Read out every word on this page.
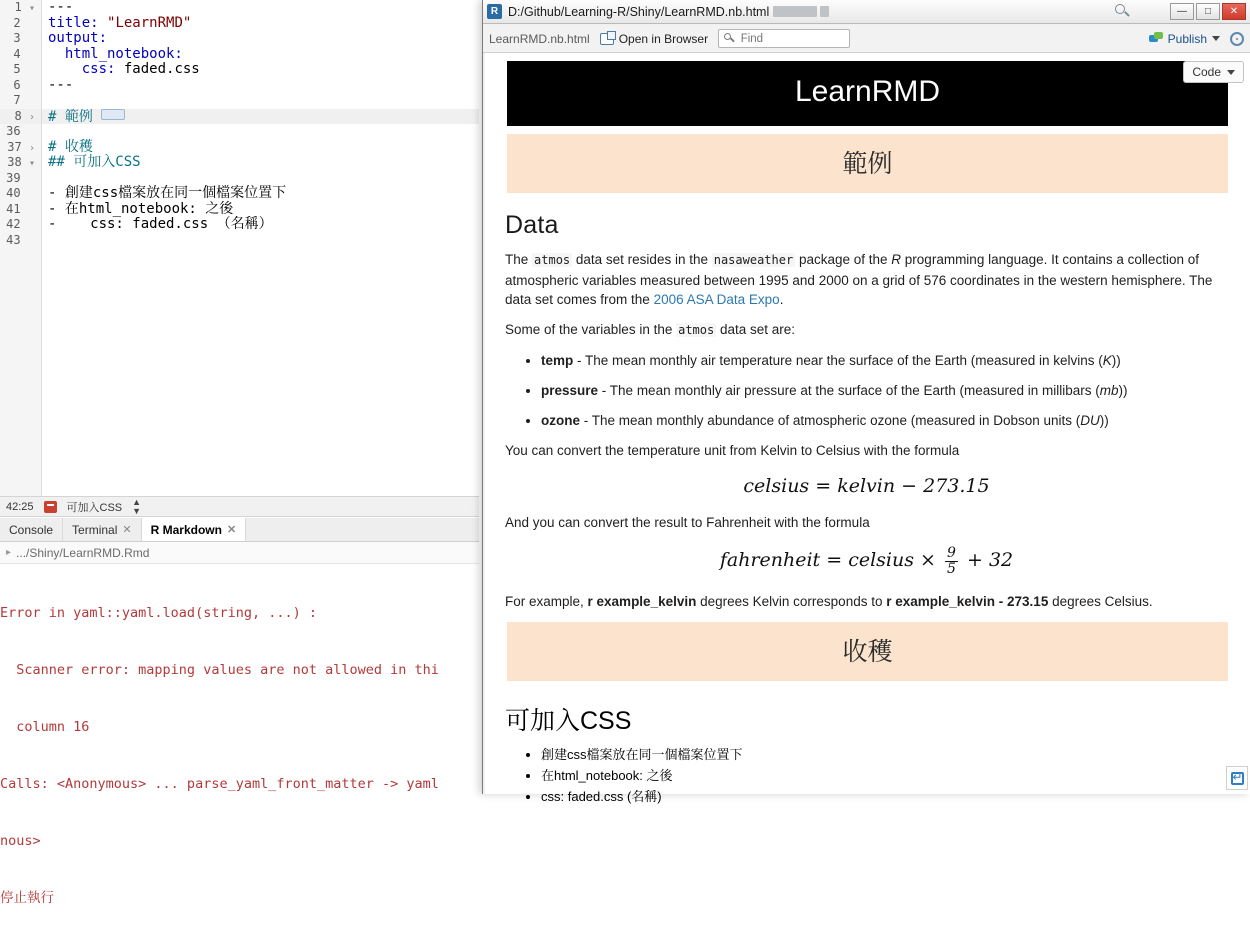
1 ▾
2
3
4
5
6
7
8 ›
36
37 ›
38 ▾
39
40
41
42
43
---
title: "LearnRMD"
output:
html_notebook:
css: faded.css
---
# 範例
# 收穫
## 可加入CSS
- 創建css檔案放在同一個檔案位置下
- 在html_notebook: 之後
-    css: faded.css （名稱）
42:25	可加入CSS ▲
▼
Console Terminal ✕ R Markdown ✕
▸ .../Shiny/LearnRMD.Rmd

Error in yaml::yaml.load(string, ...) :

Scanner error: mapping values are not allowed in thi

column 16

Calls: <Anonymous> ... parse_yaml_front_matter -> yaml

nous>

停止執行

R D:/Github/Learning-R/Shiny/LearnRMD.nb.html	—	□	✕
LearnRMD.nb.html Open in Browser
Find	Publish
Code
LearnRMD
範例
Data

The atmos data set resides in the nasaweather package of the R programming language. It contains a collection of atmospheric variables measured between 1995 and 2000 on a grid of 576 coordinates in the western hemisphere. The data set comes from the 2006 ASA Data Expo.

Some of the variables in the atmos data set are:

• temp - The mean monthly air temperature near the surface of the Earth (measured in kelvins (K))
• pressure - The mean monthly air pressure at the surface of the Earth (measured in millibars (mb))
• ozone - The mean monthly abundance of atmospheric ozone (measured in Dobson units (DU))

You can convert the temperature unit from Kelvin to Celsius with the formula

celsius = kelvin − 273.15

And you can convert the result to Fahrenheit with the formula

fahrenheit = celsius × $\frac{9}{5} + 32$

For example, r example_kelvin degrees Kelvin corresponds to r example_kelvin - 273.15 degrees Celsius.

收穫
可加入CSS
• 創建css檔案放在同一個檔案位置下
• 在html_notebook: 之後
• css: faded.css (名稱)
↵
